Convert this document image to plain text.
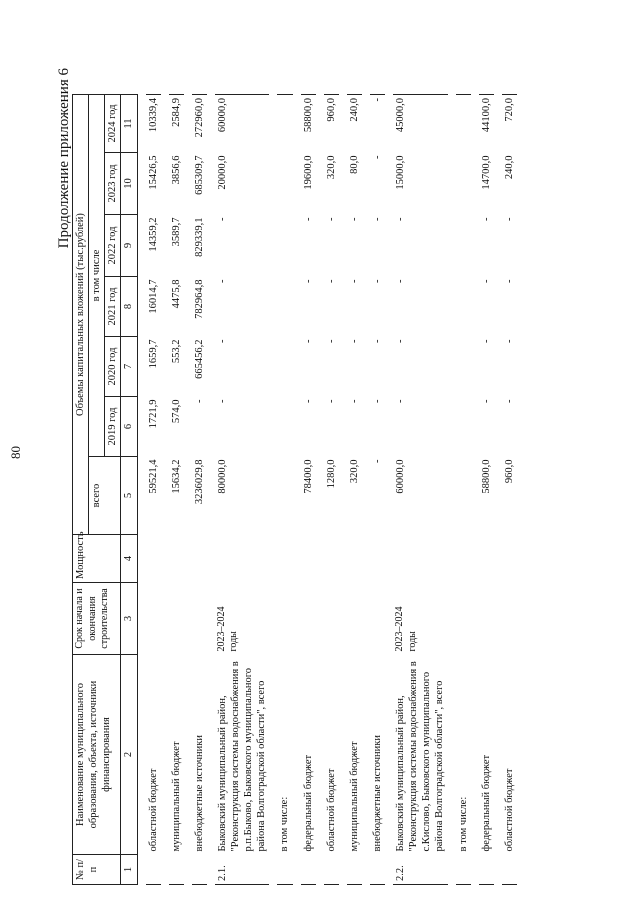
80
Продолжение приложения 6
№ п/п	Наименование муниципального образования, объекта, источники финансирования	Срок начала и окончания строительства	Мощность	Объемы капитальных вложений (тыс.рублей)						
				всего	в том числе					
					2019 год	2020 год	2021 год	2022 год	2023 год	2024 год
1	2	3	4	5	6	7	8	9	10	11

	областной бюджет			59521,4	1721,9	1659,7	16014,7	14359,2	15426,5	10339,4

	муниципальный бюджет			15634,2	574,0	553,2	4475,8	3589,7	3856,6	2584,9

	внебюджетные источники			3236029,8	-	665456,2	782964,8	829339,1	685309,7	272960,0

2.1.	Быковский муниципальный район, "Реконструкция системы водоснабжения в р.п.Быково, Быковского муниципального района Волгоградской области", всего	2023–2024 годы		80000,0	-	-	-	-	20000,0	60000,0

	в том числе:									

	федеральный бюджет			78400,0	-	-	-	-	19600,0	58800,0

	областной бюджет			1280,0	-	-	-	-	320,0	960,0

	муниципальный бюджет			320,0	-	-	-	-	80,0	240,0

	внебюджетные источники			-	-	-	-	-	-	-

2.2.	Быковский муниципальный район, "Реконструкция системы водоснабжения в с.Кислово, Быковского муниципального района Волгоградской области", всего	2023–2024 годы		60000,0	-	-	-	-	15000,0	45000,0

	в том числе:									

	федеральный бюджет			58800,0	-	-	-	-	14700,0	44100,0

	областной бюджет			960,0	-	-	-	-	240,0	720,0
